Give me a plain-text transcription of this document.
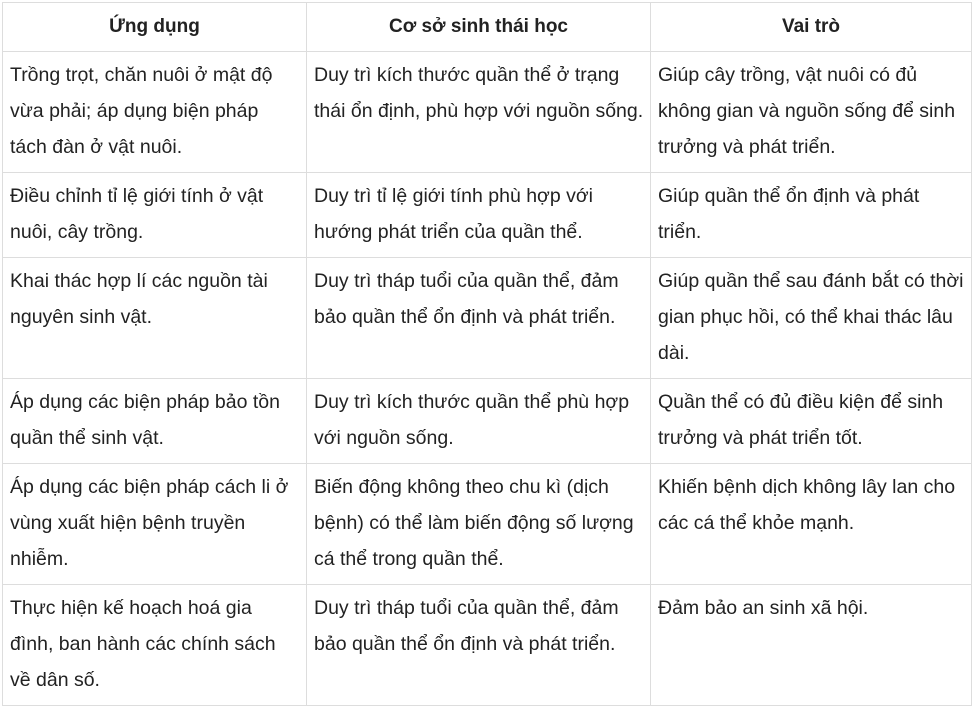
Ứng dụng	Cơ sở sinh thái học	Vai trò
Trồng trọt, chăn nuôi ở mật độ vừa phải; áp dụng biện pháp tách đàn ở vật nuôi.	Duy trì kích thước quần thể ở trạng thái ổn định, phù hợp với nguồn sống.	Giúp cây trồng, vật nuôi có đủ không gian và nguồn sống để sinh trưởng và phát triển.
Điều chỉnh tỉ lệ giới tính ở vật nuôi, cây trồng.	Duy trì tỉ lệ giới tính phù hợp với hướng phát triển của quần thể.	Giúp quần thể ổn định và phát triển.
Khai thác hợp lí các nguồn tài nguyên sinh vật.	Duy trì tháp tuổi của quần thể, đảm bảo quần thể ổn định và phát triển.	Giúp quần thể sau đánh bắt có thời gian phục hồi, có thể khai thác lâu dài.
Áp dụng các biện pháp bảo tồn quần thể sinh vật.	Duy trì kích thước quần thể phù hợp với nguồn sống.	Quần thể có đủ điều kiện để sinh trưởng và phát triển tốt.
Áp dụng các biện pháp cách li ở vùng xuất hiện bệnh truyền nhiễm.	Biến động không theo chu kì (dịch bệnh) có thể làm biến động số lượng cá thể trong quần thể.	Khiến bệnh dịch không lây lan cho các cá thể khỏe mạnh.
Thực hiện kế hoạch hoá gia đình, ban hành các chính sách về dân số.	Duy trì tháp tuổi của quần thể, đảm bảo quần thể ổn định và phát triển.	Đảm bảo an sinh xã hội.
